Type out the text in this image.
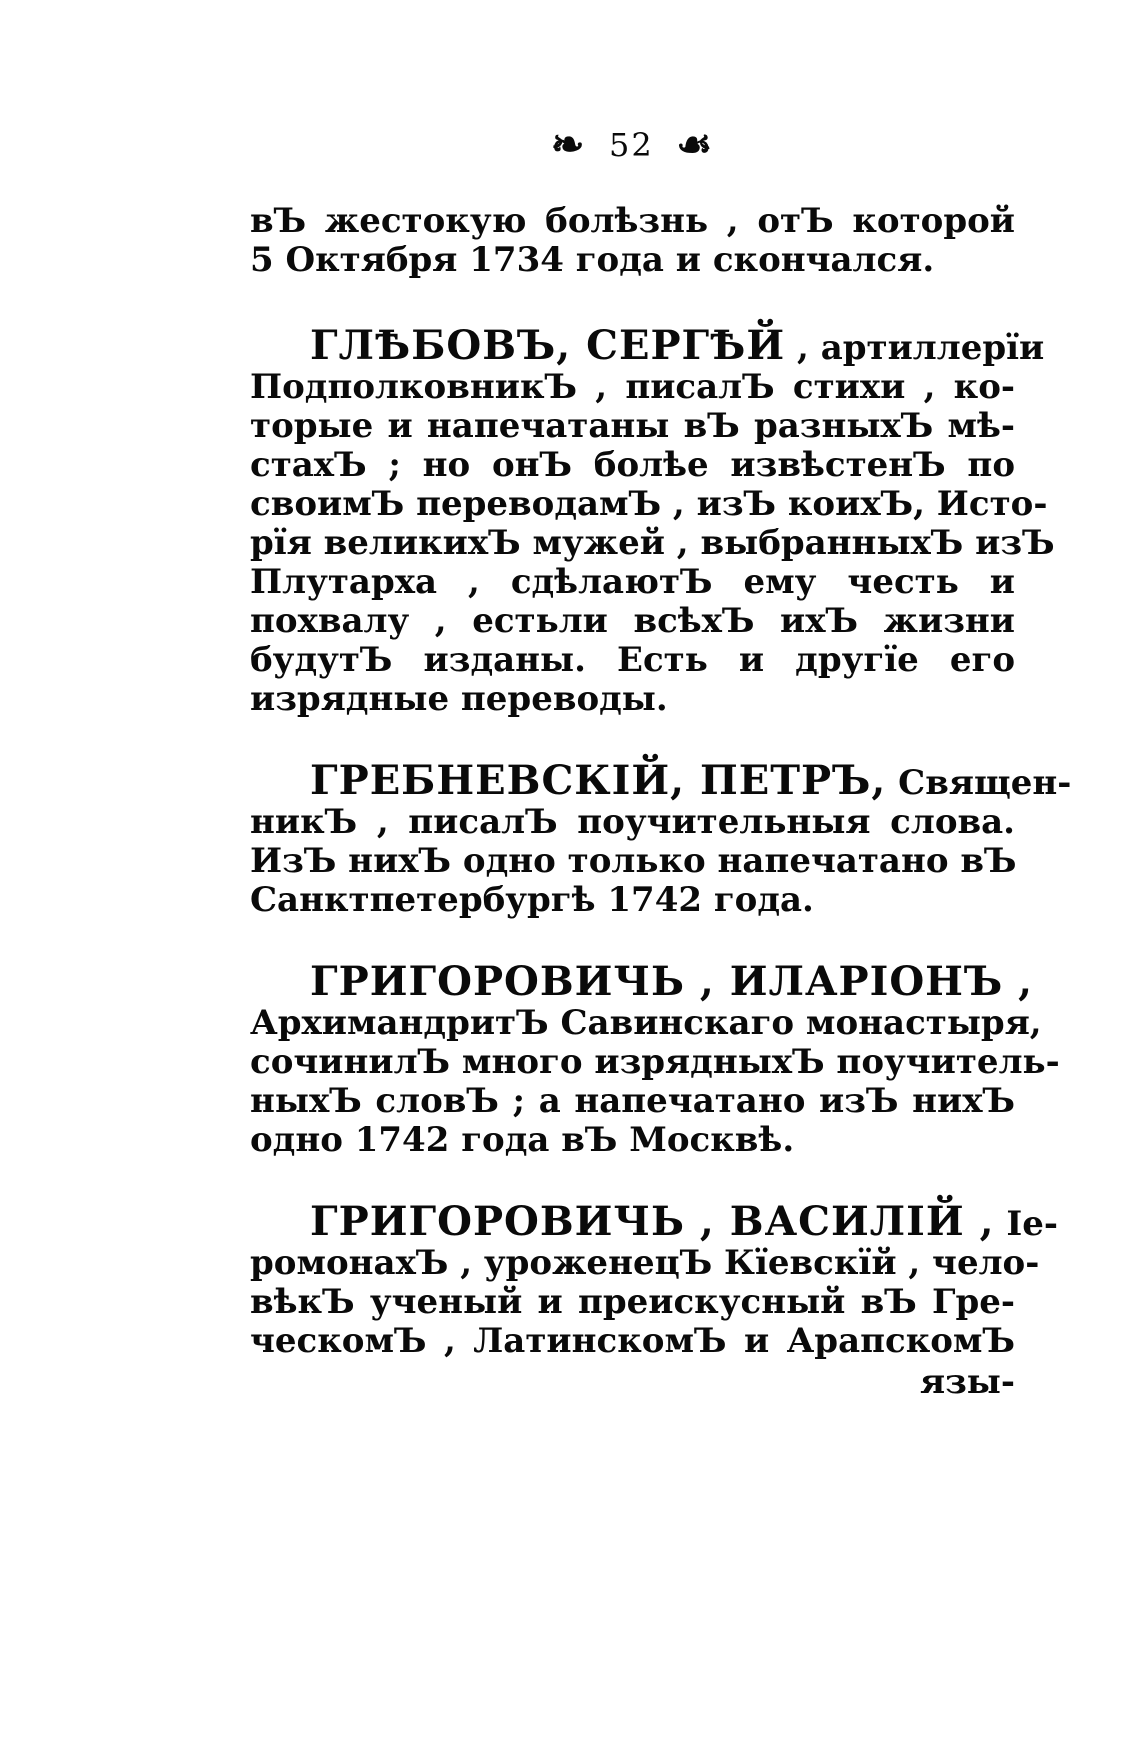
❧ 52 ☙
вЪ жестокую болѣзнь , отЪ которой
5 Октября 1734 года и скончался.
ГЛѢБОВЪ, СЕРГѢЙ , артиллерїи
ПодполковникЪ , писалЪ стихи , ко-
торые и напечатаны вЪ разныхЪ мѣ-
стахЪ ; но онЪ болѣе извѣстенЪ по
своимЪ переводамЪ , изЪ коихЪ, Исто-
рїя великихЪ мужей , выбранныхЪ изЪ
Плутарха , сдѣлаютЪ ему честь и
похвалу , естьли всѣхЪ ихЪ жизни
будутЪ изданы. Есть и другїе его
изрядные переводы.
ГРЕБНЕВСКІЙ, ПЕТРЪ, Священ-
никЪ , писалЪ поучительныя слова.
ИзЪ нихЪ одно только напечатано вЪ
Санктпетербургѣ 1742 года.
ГРИГОРОВИЧЬ , ИЛАРІОНЪ ,
АрхимандритЪ Савинскаго монастыря,
сочинилЪ много изрядныхЪ поучитель-
ныхЪ словЪ ; а напечатано изЪ нихЪ
одно 1742 года вЪ Москвѣ.
ГРИГОРОВИЧЬ , ВАСИЛІЙ , Іе-
ромонахЪ , уроженецЪ Кїевскїй , чело-
вѣкЪ ученый и прeискусный вЪ Гре-
ческомЪ , ЛатинскомЪ и АрапскомЪ
язы-
